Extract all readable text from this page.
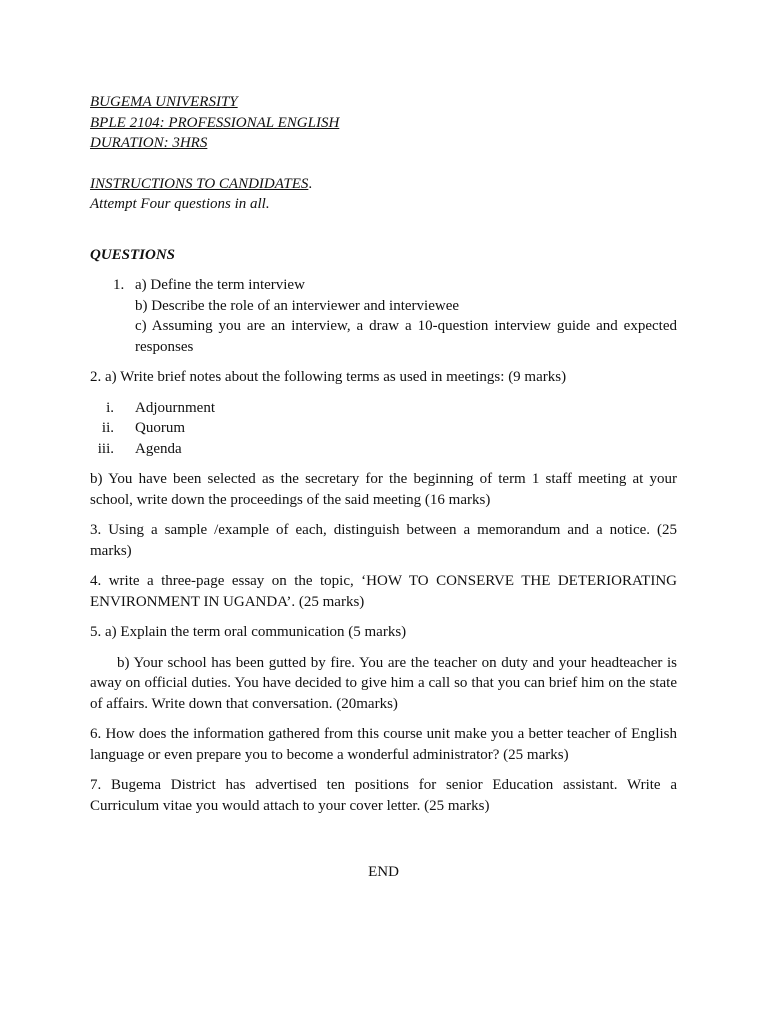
BUGEMA UNIVERSITY
BPLE 2104: PROFESSIONAL ENGLISH
DURATION: 3HRS
INSTRUCTIONS TO CANDIDATES.
Attempt Four questions in all.
QUESTIONS
1. a) Define the term interview
b) Describe the role of an interviewer and interviewee
c) Assuming you are an interview, a draw a 10-question interview guide and expected responses
2. a) Write brief notes about the following terms as used in meetings: (9 marks)
i. Adjournment
ii. Quorum
iii. Agenda
b) You have been selected as the secretary for the beginning of term 1 staff meeting at your school, write down the proceedings of the said meeting (16 marks)
3. Using a sample /example of each, distinguish between a memorandum and a notice. (25 marks)
4. write a three-page essay on the topic, ‘HOW TO CONSERVE THE DETERIORATING ENVIRONMENT IN UGANDA’. (25 marks)
5. a) Explain the term oral communication (5 marks)
b) Your school has been gutted by fire. You are the teacher on duty and your headteacher is away on official duties. You have decided to give him a call so that you can brief him on the state of affairs. Write down that conversation. (20marks)
6. How does the information gathered from this course unit make you a better teacher of English language or even prepare you to become a wonderful administrator? (25 marks)
7. Bugema District has advertised ten positions for senior Education assistant. Write a Curriculum vitae you would attach to your cover letter. (25 marks)
END
